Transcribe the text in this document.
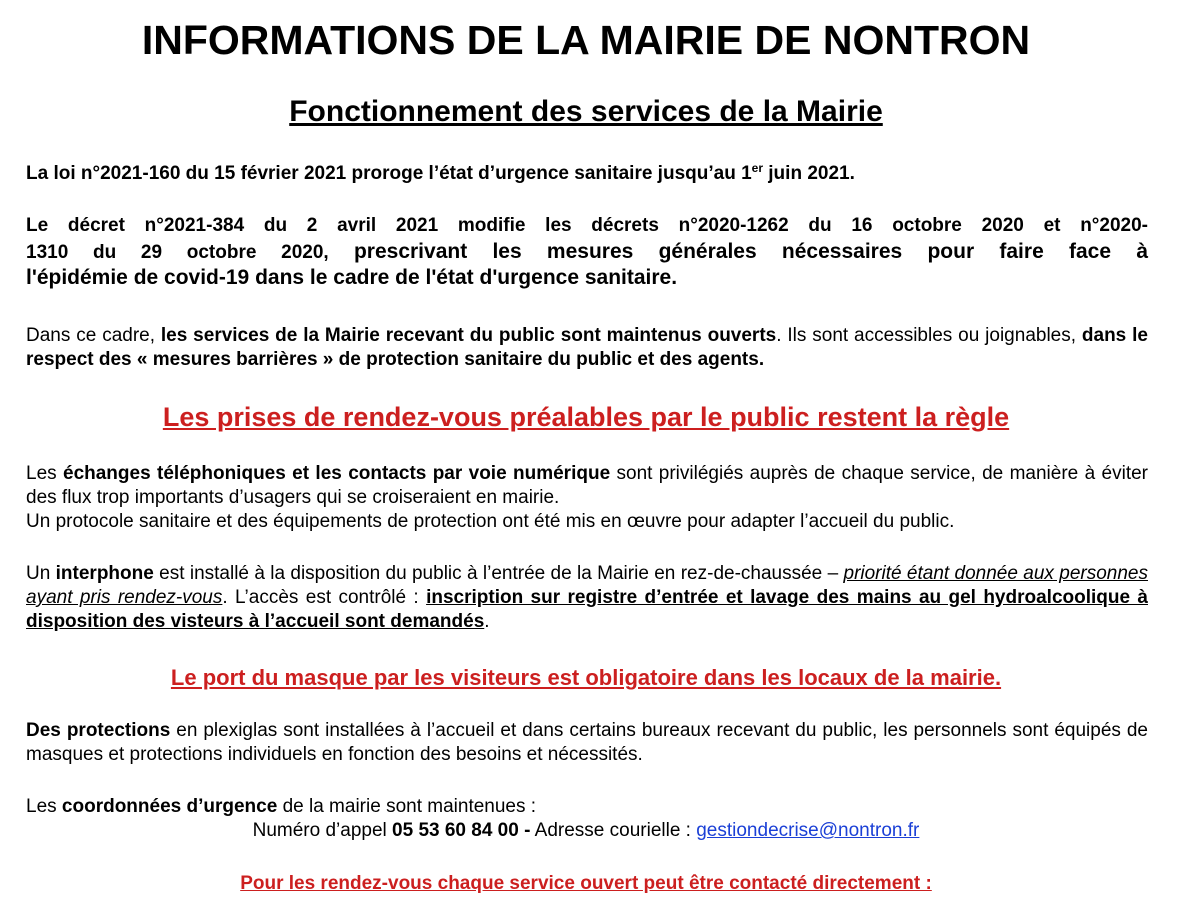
INFORMATIONS DE LA MAIRIE DE NONTRON
Fonctionnement des services de la Mairie

La loi n°2021-160 du 15 février 2021 proroge l’état d’urgence sanitaire jusqu’au 1er juin 2021.

Le décret n°2021-384 du 2 avril 2021 modifie les décrets n°2020-1262 du 16 octobre 2020 et n°2020-
1310 du 29 octobre 2020, prescrivant les mesures générales nécessaires pour faire face à
l'épidémie de covid-19 dans le cadre de l'état d'urgence sanitaire.

Dans ce cadre, les services de la Mairie recevant du public sont maintenus ouverts. Ils sont accessibles ou joignables, dans le respect des « mesures barrières » de protection sanitaire du public et des agents.

Les prises de rendez-vous préalables par le public restent la règle

Les échanges téléphoniques et les contacts par voie numérique sont privilégiés auprès de chaque service, de manière à éviter des flux trop importants d’usagers qui se croiseraient en mairie.
Un protocole sanitaire et des équipements de protection ont été mis en œuvre pour adapter l’accueil du public.

Un interphone est installé à la disposition du public à l’entrée de la Mairie en rez-de-chaussée – priorité étant donnée aux personnes ayant pris rendez-vous. L’accès est contrôlé : inscription sur registre d’entrée et lavage des mains au gel hydroalcoolique à disposition des visteurs à l’accueil sont demandés.

Le port du masque par les visiteurs est obligatoire dans les locaux de la mairie.

Des protections en plexiglas sont installées à l’accueil et dans certains bureaux recevant du public, les personnels sont équipés de masques et protections individuels en fonction des besoins et nécessités.

Les coordonnées d’urgence de la mairie sont maintenues :

Numéro d’appel 05 53 60 84 00 - Adresse courielle : gestiondecrise@nontron.fr

Pour les rendez-vous chaque service ouvert peut être contacté directement :
